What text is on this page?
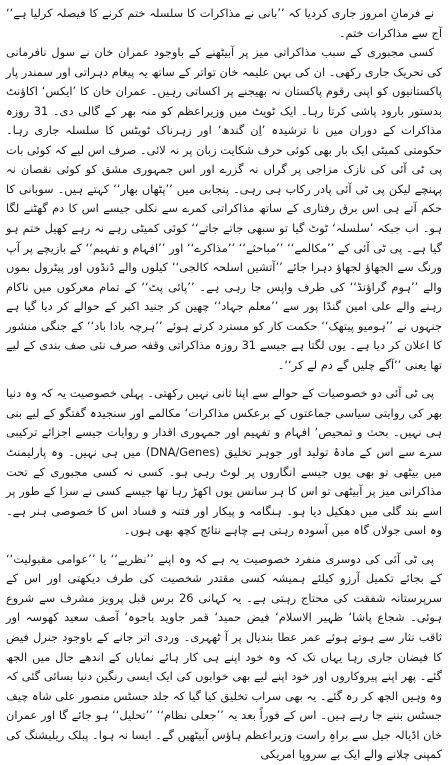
نے فرمانِ امروز جاری کردیا کہ ’’بانی نے مذاکرات کا سلسلہ ختم کرنے کا فیصلہ کرلیا ہے‘‘ آج سے مذاکرات ختم۔

کسی مجبوری کے سبب مذاکراتی میز پر آبیٹھنے کے باوجود عمران خان نے سول نافرمانی کی تحریک جاری رکھی۔ ان کی بہن علیمہ خان تواتر کے ساتھ یہ پیغام دہراتی اور سمندر پار پاکستانیوں کو اپنی رقوم پاکستان نہ بھیجنے پر اکساتی رہیں۔ عمران خان کا ’ایکس‘ اکاؤنٹ بدستور بارود پاشی کرتا رہا۔ ایک ٹویٹ میں وزیراعظم کو منہ بھر کے گالی دی۔ 31 روزہ مذاکرات کے دوران میں نا ترشیدہ ’اِن گندھ‘ اور زہرناک ٹویٹس کا سلسلہ جاری رہا۔ حکومتی کمیٹی ایک بار بھی کوئی حرف شکایت زبان پر نہ لائی۔ صرف اس لیے کہ کوئی بات پی ٹی آئی کی نازک مزاجی پر گراں نہ گزرے اور اس جمہوری مشق کو کوئی نقصان نہ پہنچے لیکن پی ٹی آئی پادر رکاب ہی رہی۔ پنجابی میں ’’پٹھاں بھار‘‘ کہتے ہیں۔ سوبانی کا حکم آتے ہی اس برق رفتاری کے ساتھ مذاکراتی کمرے سے نکلی جیسے اس کا دم گھٹنے لگا ہو۔ اب جبکہ ’سلسلہ‘ ٹوٹ گیا تو سبھی جاتے جاتے‘‘ کوئی کمیٹی رہے نہ رہے کھیل ختم ہو گیا ہے۔ پی ٹی آئی کے ’’مکالمے‘‘ ’’مباحثے‘‘ ’’مذاکرے‘‘ اور ’’افہام و تفہیم‘‘ کے بازیچے پر آپ ورنگ سے الجھاؤ لجھاؤ دہرا جائے ’’آتشیں اسلحہ کالجی‘‘ کیلوں والے ڈنڈوں اور پیٹرول بموں والے ’’ہوم گراؤنڈ‘‘ کی طرف واپس جا رہی ہے۔ ’’پائی پٹ‘‘ کے تمام معرکوں میں ناکام رہنے والے علی امین گنڈا پور سے ’’معلم جہاد‘‘ چھین کر جنید اکبر کے حوالے کر دیا گیا ہے جنہوں نے ’’ہومیو پیتھک‘‘ حکمت کار کو مسترد کرتے ہوئے ’’ہرچہ بادا باد‘‘ کے جنگی منشور کا اعلان کر دیا ہے۔ یوں لگتا ہے جیسے 31 روزہ مذاکراتی وقفہ صرف نئی صف بندی کے لیے تھا یعنی ’’آگے چلیں گے دم لے کر‘‘۔

پی ٹی آئی دو خصوصیات کے حوالے سے اپنا ثانی نہیں رکھتی۔ پہلی خصوصیت یہ کہ وہ دنیا بھر کی روایتی سیاسی جماعتوں کے برعکس مذاکرات‘ مکالمے اور سنجیدہ گفتگو کے لیے بنی ہی نہیں۔ بحث و تمحیص‘ افہام و تفہیم اور جمہوری اقدار و روایات جیسے اجزائے ترکیبی سرے سے اس کے مادۂ تولید اور جوہر تخلیق (DNA/Genes) میں ہی نہیں۔ وہ پارلیمنٹ میں بیٹھی تو بھی یوں جیسے انگاروں پر لوٹ رہی ہو۔ کسی نہ کسی مجبوری کے تحت مذاکراتی میز پر آبیٹھی تو اس کا ہر سانس یوں اکھڑ رہا تھا جیسے کسی نے سزا کے طور پر اسے بند گلی میں دھکیل دیا ہو۔ ہنگامہ و پیکار اور فتنہ و فساد اس کا خصوصی ہنر ہے۔ وہ اسی جولاں گاہ میں آسودہ رہتی ہے چاہے نتائج کچھ بھی ہوں۔

پی ٹی آئی کی دوسری منفرد خصوصیت یہ ہے کہ وہ اپنے ’’نظریے‘‘ یا ’’عوامی مقبولیت‘‘ کے بجائے تکمیل آرزو کیلئے ہمیشہ کسی مقتدر شخصیت کی طرف دیکھتی اور اس کے سرپرستانہ شفقت کی محتاج رہتی ہے۔ یہ کہانی 26 برس قبل پرویز مشرف سے شروع ہوئی۔ شجاع پاشا‘ ظہیر الاسلام‘ فیض حمید‘ قمر جاوید باجوہ‘ آصف سعید کھوسہ اور ثاقب نثار سے ہوتے ہوئے عمر عطا بندیال پر آ ٹھہری۔ وردی اتر جانے کے باوجود جنرل فیض کا فیضان جاری رہا یہاں تک کہ وہ خود اپنے ہی کار ہائے نمایاں کے اندھے جال میں الجھ گئے۔ پھر اپنے پیروکاروں اور خود اپنے لیے بھی خوابوں کی ایک ایسی رنگین دنیا بسائی گئی کہ وہ وہیں الجھ کر رہ گئے۔ یہ بھی سراب تخلیق کیا گیا کہ جلد جسٹس منصور علی شاہ چیف جسٹس بننے جا رہے ہیں۔ اس کے فوراً بعد یہ ’’جعلی نظام‘‘ ’’تحلیل‘‘ ہو جائے گا اور عمران خان اڈیالہ جیل سے براہِ راست وزیراعظم ہاؤس آبیٹھیں گے۔ ایسا نہ ہوا۔ پبلک ریلیشنگ کی کمپنی چلانے والے ایک بے سروپا امریکی
